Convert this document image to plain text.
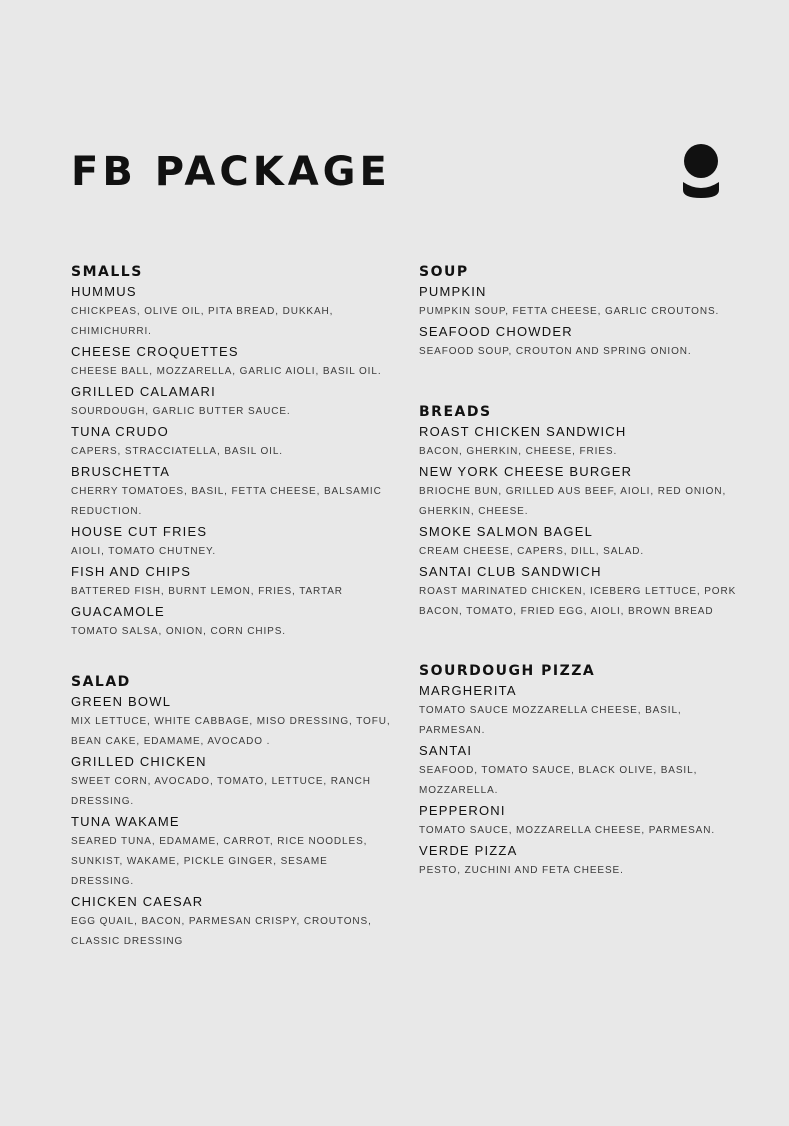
FB PACKAGE
SMALLS
HUMMUS
CHICKPEAS, OLIVE OIL, PITA BREAD, DUKKAH, CHIMICHURRI.
CHEESE CROQUETTES
CHEESE BALL, MOZZARELLA, GARLIC AIOLI, BASIL OIL.
GRILLED CALAMARI
SOURDOUGH, GARLIC BUTTER SAUCE.
TUNA CRUDO
CAPERS, STRACCIATELLA, BASIL OIL.
BRUSCHETTA
CHERRY TOMATOES, BASIL, FETTA CHEESE, BALSAMIC REDUCTION.
HOUSE CUT FRIES
AIOLI, TOMATO CHUTNEY.
FISH AND CHIPS
BATTERED FISH, BURNT LEMON, FRIES, TARTAR
GUACAMOLE
TOMATO SALSA, ONION, CORN CHIPS.
SALAD
GREEN BOWL
MIX LETTUCE, WHITE CABBAGE, MISO DRESSING, TOFU, BEAN CAKE, EDAMAME, AVOCADO .
GRILLED CHICKEN
SWEET CORN, AVOCADO, TOMATO, LETTUCE, RANCH DRESSING.
TUNA WAKAME
SEARED TUNA, EDAMAME, CARROT, RICE NOODLES, SUNKIST, WAKAME, PICKLE GINGER, SESAME DRESSING.
CHICKEN CAESAR
EGG QUAIL, BACON, PARMESAN CRISPY, CROUTONS, CLASSIC DRESSING
SOUP
PUMPKIN
PUMPKIN SOUP, FETTA CHEESE, GARLIC CROUTONS.
SEAFOOD CHOWDER
SEAFOOD SOUP, CROUTON AND SPRING ONION.
BREADS
ROAST CHICKEN SANDWICH
BACON, GHERKIN, CHEESE, FRIES.
NEW YORK CHEESE BURGER
BRIOCHE BUN, GRILLED AUS BEEF, AIOLI, RED ONION, GHERKIN, CHEESE.
SMOKE SALMON BAGEL
CREAM CHEESE, CAPERS, DILL, SALAD.
SANTAI CLUB SANDWICH
ROAST MARINATED CHICKEN, ICEBERG LETTUCE, PORK BACON, TOMATO, FRIED EGG, AIOLI, BROWN BREAD
SOURDOUGH PIZZA
MARGHERITA
TOMATO SAUCE MOZZARELLA CHEESE, BASIL, PARMESAN.
SANTAI
SEAFOOD, TOMATO SAUCE, BLACK OLIVE, BASIL, MOZZARELLA.
PEPPERONI
TOMATO SAUCE, MOZZARELLA CHEESE, PARMESAN.
VERDE PIZZA
PESTO, ZUCHINI AND FETA CHEESE.
